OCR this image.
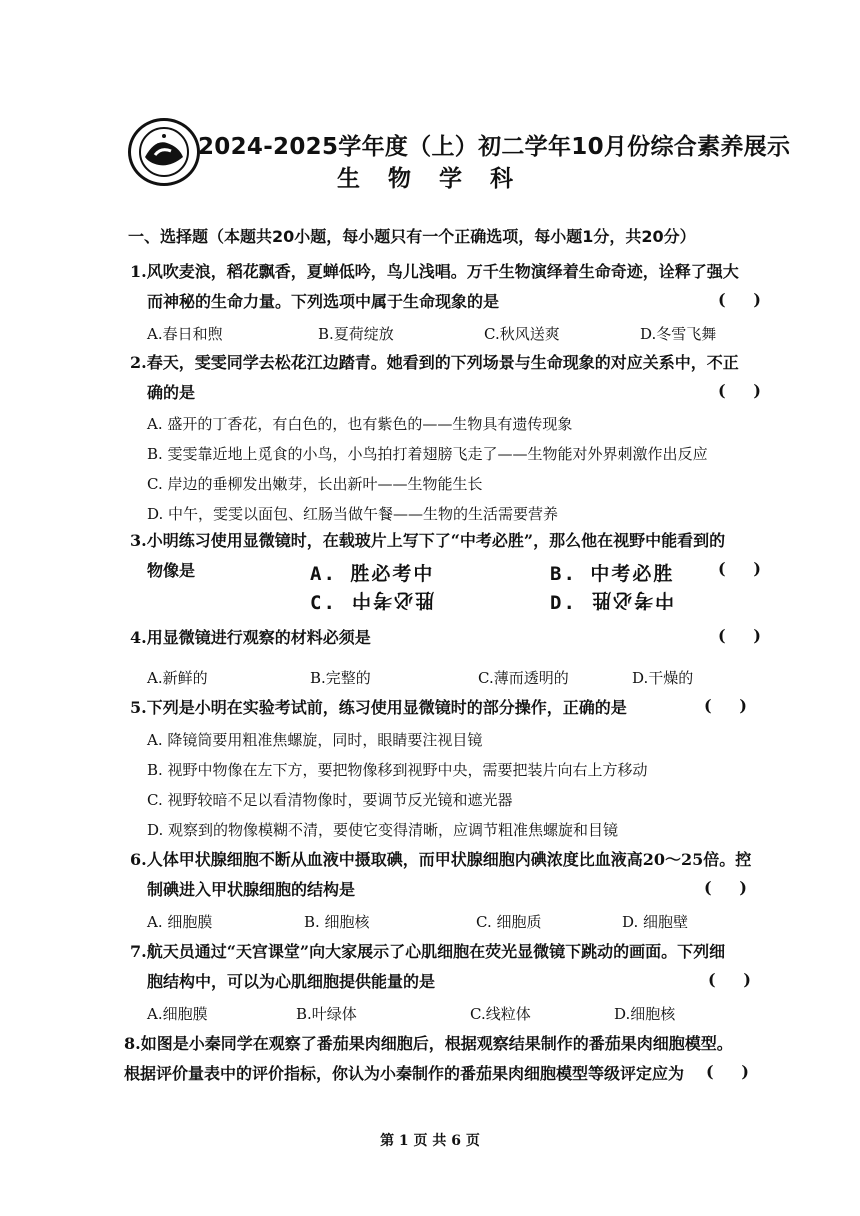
2024-2025学年度（上）初二学年10月份综合素养展示
生 物 学 科
一、选择题（本题共20小题，每小题只有一个正确选项，每小题1分，共20分）
1.风吹麦浪，稻花飘香，夏蝉低吟，鸟儿浅唱。万千生物演绎着生命奇迹，诠释了强大
而神秘的生命力量。下列选项中属于生命现象的是	(     )
A.春日和煦	B.夏荷绽放	C.秋风送爽	D.冬雪飞舞
2.春天，雯雯同学去松花江边踏青。她看到的下列场景与生命现象的对应关系中，不正
确的是	(     )
A. 盛开的丁香花，有白色的，也有紫色的——生物具有遗传现象
B. 雯雯靠近地上觅食的小鸟，小鸟拍打着翅膀飞走了——生物能对外界刺激作出反应
C. 岸边的垂柳发出嫩芽，长出新叶——生物能生长
D. 中午，雯雯以面包、红肠当做午餐——生物的生活需要营养
3.小明练习使用显微镜时，在载玻片上写下了“中考必胜”，那么他在视野中能看到的
物像是	A. 胜必考中	B. 中考必胜	(     )
C. 胜必考中	D. 中考必胜
4.用显微镜进行观察的材料必须是	(     )
A.新鲜的	B.完整的	C.薄而透明的	D.干燥的
5.下列是小明在实验考试前，练习使用显微镜时的部分操作，正确的是	(     )
A. 降镜筒要用粗准焦螺旋，同时，眼睛要注视目镜
B. 视野中物像在左下方，要把物像移到视野中央，需要把装片向右上方移动
C. 视野较暗不足以看清物像时，要调节反光镜和遮光器
D. 观察到的物像模糊不清，要使它变得清晰，应调节粗准焦螺旋和目镜
6.人体甲状腺细胞不断从血液中摄取碘，而甲状腺细胞内碘浓度比血液高20～25倍。控
制碘进入甲状腺细胞的结构是	(     )
A. 细胞膜	B. 细胞核	C. 细胞质	D. 细胞壁
7.航天员通过“天宫课堂”向大家展示了心肌细胞在荧光显微镜下跳动的画面。下列细
胞结构中，可以为心肌细胞提供能量的是	(     )
A.细胞膜	B.叶绿体	C.线粒体	D.细胞核
8.如图是小秦同学在观察了番茄果肉细胞后，根据观察结果制作的番茄果肉细胞模型。
根据评价量表中的评价指标，你认为小秦制作的番茄果肉细胞模型等级评定应为 (     )
第 1 页 共 6 页
